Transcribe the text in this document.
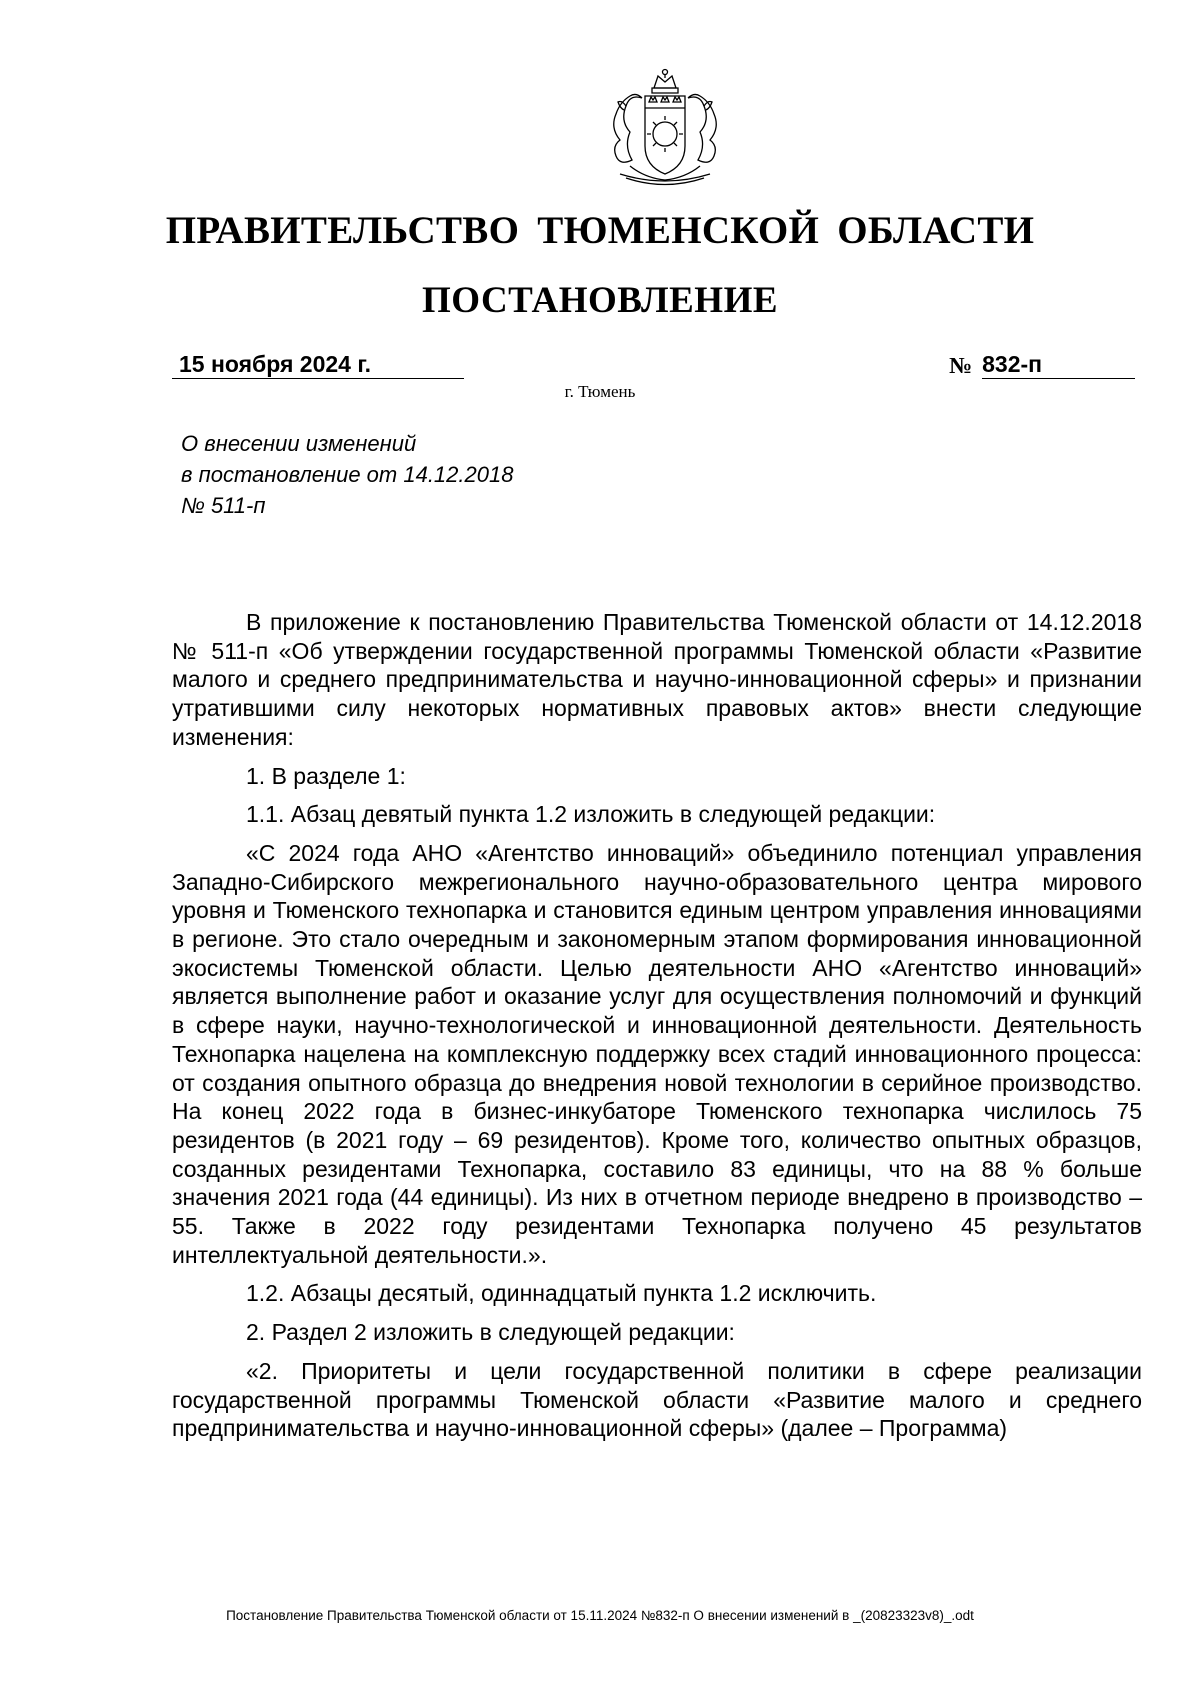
ПРАВИТЕЛЬСТВО ТЮМЕНСКОЙ ОБЛАСТИ
ПОСТАНОВЛЕНИЕ
15 ноября 2024 г.	№ 832-п
г. Тюмень
О внесении изменений
в постановление от 14.12.2018
№ 511-п

В приложение к постановлению Правительства Тюменской области от 14.12.2018 № 511-п «Об утверждении государственной программы Тюменской области «Развитие малого и среднего предпринимательства и научно-инновационной сферы» и признании утратившими силу некоторых нормативных правовых актов» внести следующие изменения:

1. В разделе 1:

1.1. Абзац девятый пункта 1.2 изложить в следующей редакции:

«С 2024 года АНО «Агентство инноваций» объединило потенциал управления Западно-Сибирского межрегионального научно-образовательного центра мирового уровня и Тюменского технопарка и становится единым центром управления инновациями в регионе. Это стало очередным и закономерным этапом формирования инновационной экосистемы Тюменской области. Целью деятельности АНО «Агентство инноваций» является выполнение работ и оказание услуг для осуществления полномочий и функций в сфере науки, научно-технологической и инновационной деятельности. Деятельность Технопарка нацелена на комплексную поддержку всех стадий инновационного процесса: от создания опытного образца до внедрения новой технологии в серийное производство. На конец 2022 года в бизнес-инкубаторе Тюменского технопарка числилось 75 резидентов (в 2021 году – 69 резидентов). Кроме того, количество опытных образцов, созданных резидентами Технопарка, составило 83 единицы, что на 88 % больше значения 2021 года (44 единицы). Из них в отчетном периоде внедрено в производство – 55. Также в 2022 году резидентами Технопарка получено 45 результатов интеллектуальной деятельности.».

1.2. Абзацы десятый, одиннадцатый пункта 1.2 исключить.

2. Раздел 2 изложить в следующей редакции:

«2. Приоритеты и цели государственной политики в сфере реализации государственной программы Тюменской области «Развитие малого и среднего предпринимательства и научно-инновационной сферы» (далее – Программа)

Постановление Правительства Тюменской области от 15.11.2024 №832-п О внесении изменений в _(20823323v8)_.odt
